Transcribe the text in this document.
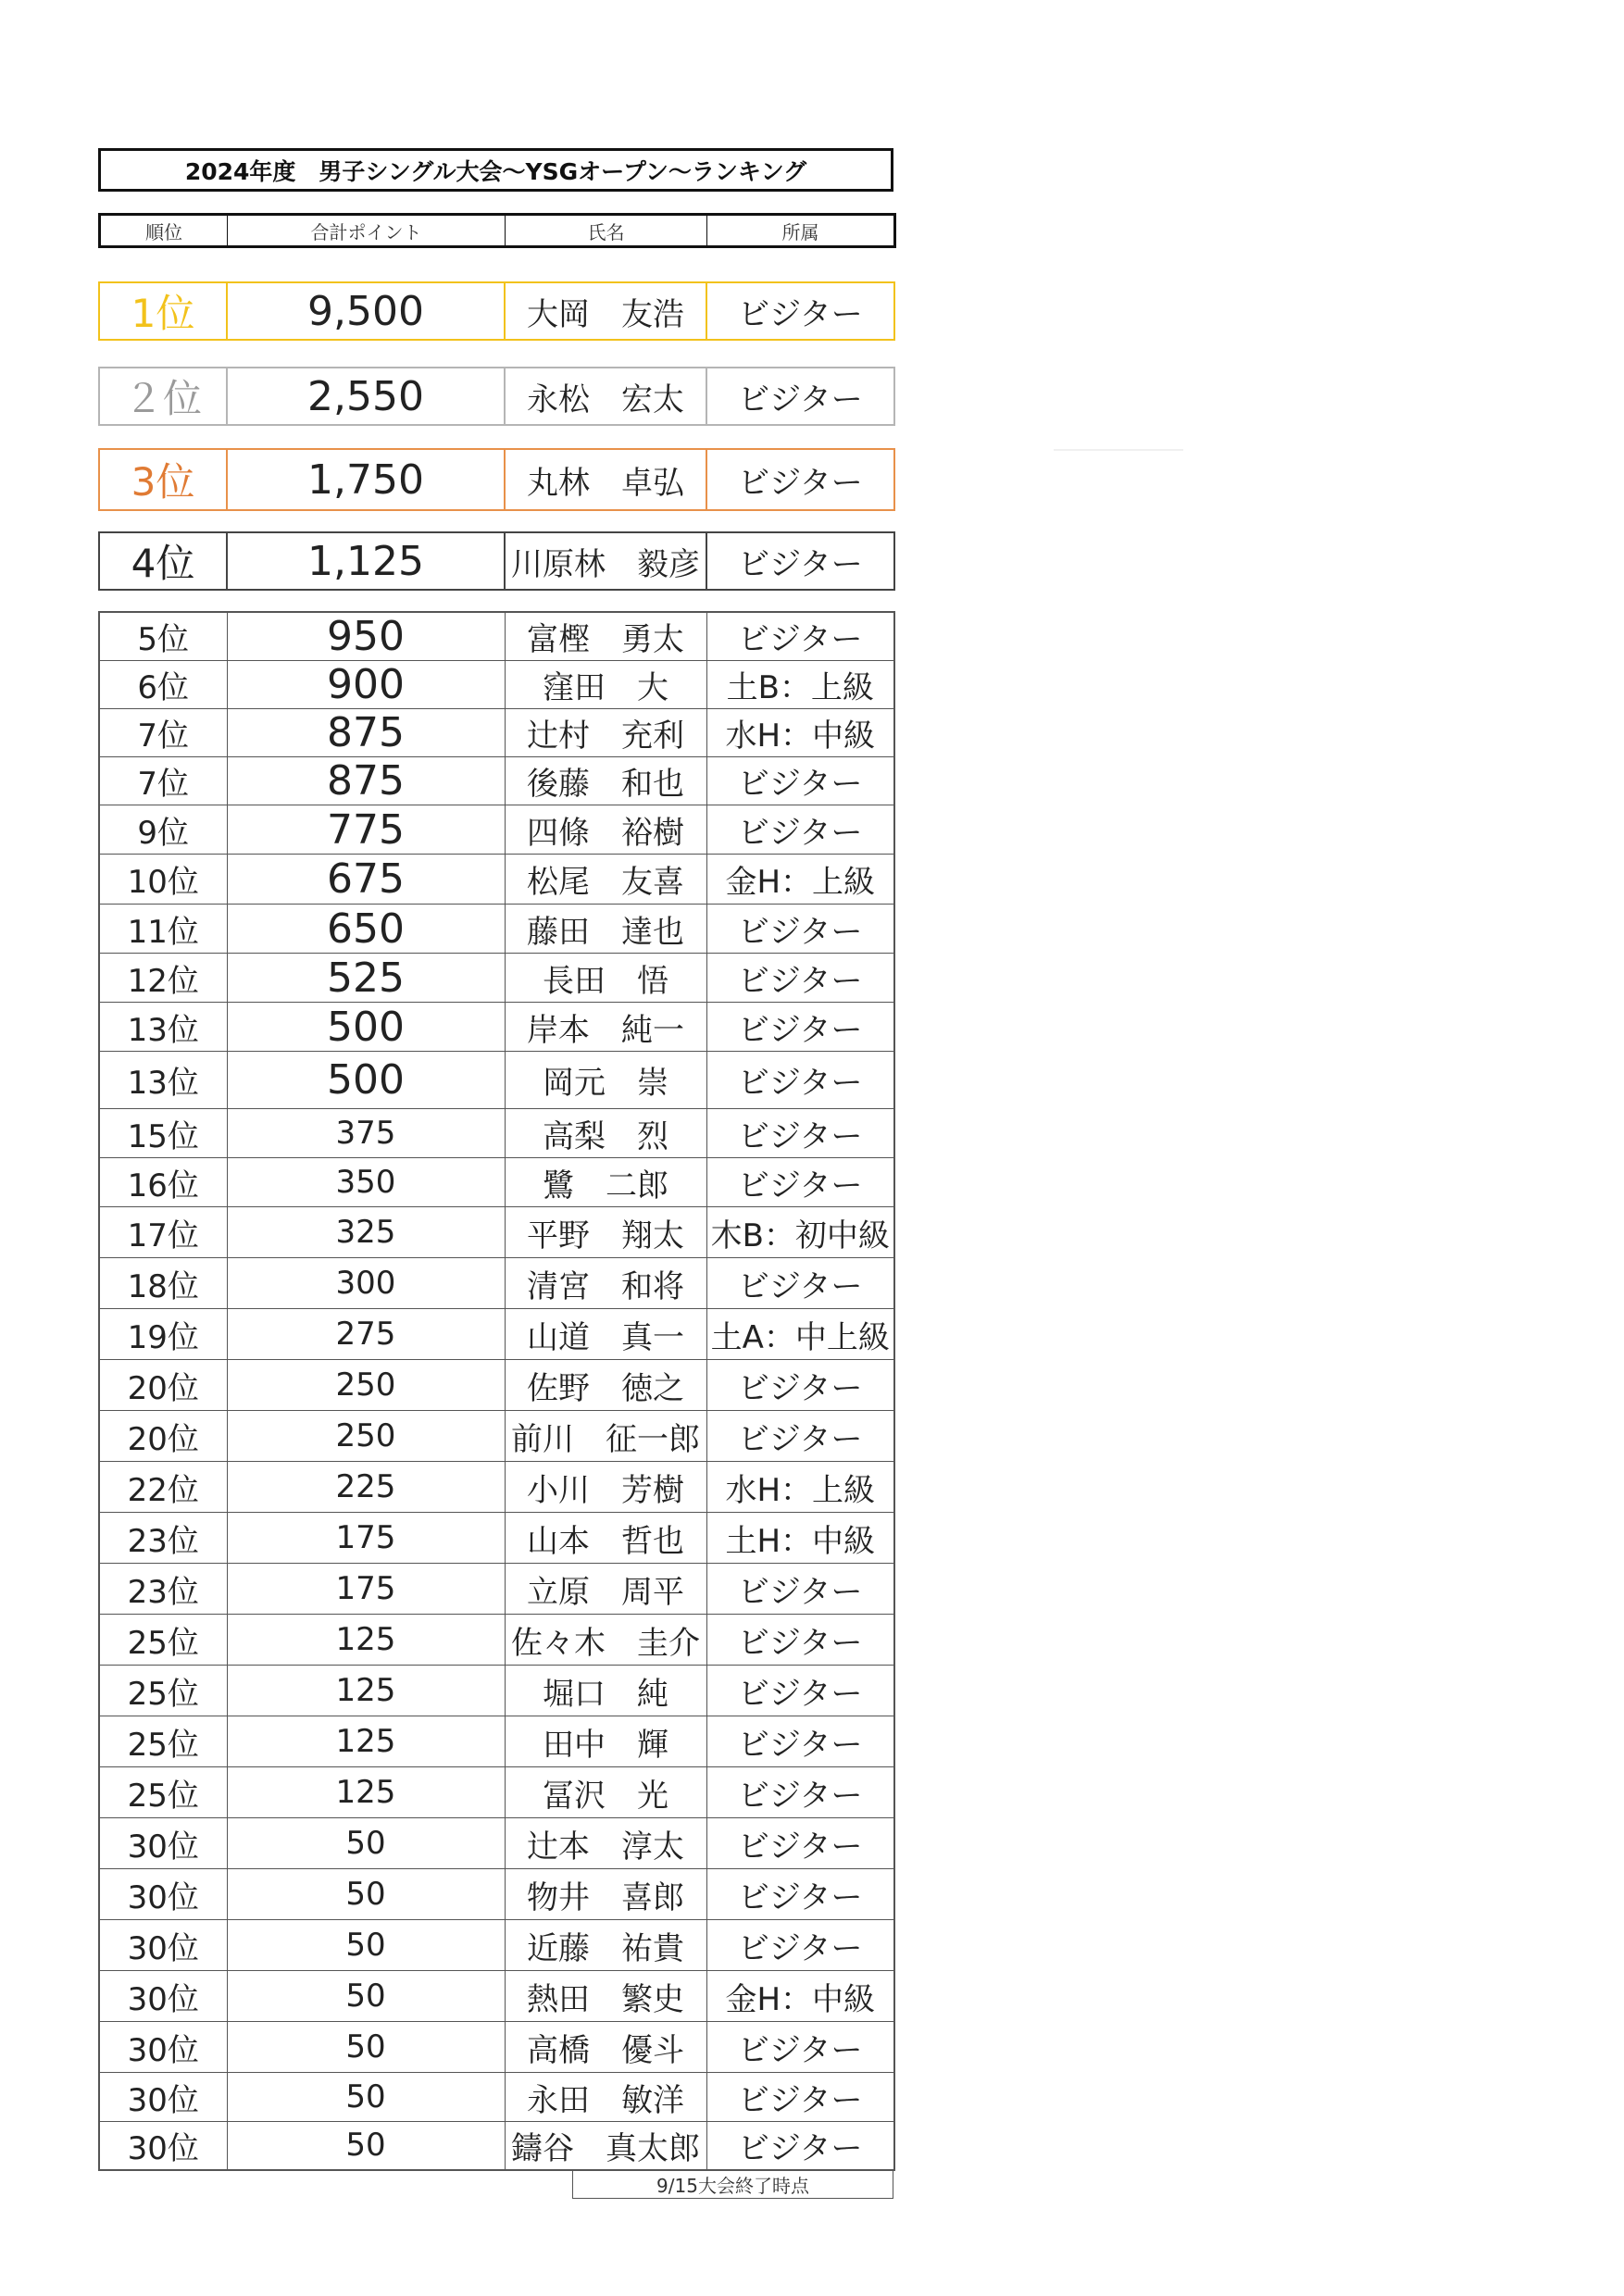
2024年度　男子シングル大会～YSGオープン～ランキング
順位	合計ポイント	氏名	所属
1位	9,500	大岡　友浩	ビジター
２位	2,550	永松　宏太	ビジター
3位	1,750	丸林　卓弘	ビジター
4位	1,125	川原林　毅彦	ビジター
5位	950	富樫　勇太	ビジター
6位	900	窪田　大	土B：上級
7位	875	辻村　充利	水H：中級
7位	875	後藤　和也	ビジター
9位	775	四條　裕樹	ビジター
10位	675	松尾　友喜	金H：上級
11位	650	藤田　達也	ビジター
12位	525	長田　悟	ビジター
13位	500	岸本　純一	ビジター
13位	500	岡元　崇	ビジター
15位	375	高梨　烈	ビジター
16位	350	鷺　二郎	ビジター
17位	325	平野　翔太	木B：初中級
18位	300	清宮　和将	ビジター
19位	275	山道　真一	土A：中上級
20位	250	佐野　徳之	ビジター
20位	250	前川　征一郎	ビジター
22位	225	小川　芳樹	水H：上級
23位	175	山本　哲也	土H：中級
23位	175	立原　周平	ビジター
25位	125	佐々木　圭介	ビジター
25位	125	堀口　純	ビジター
25位	125	田中　輝	ビジター
25位	125	冨沢　光	ビジター
30位	50	辻本　淳太	ビジター
30位	50	物井　喜郎	ビジター
30位	50	近藤　祐貴	ビジター
30位	50	熱田　繁史	金H：中級
30位	50	高橋　優斗	ビジター
30位	50	永田　敏洋	ビジター
30位	50	鑄谷　真太郎	ビジター
9/15大会終了時点
